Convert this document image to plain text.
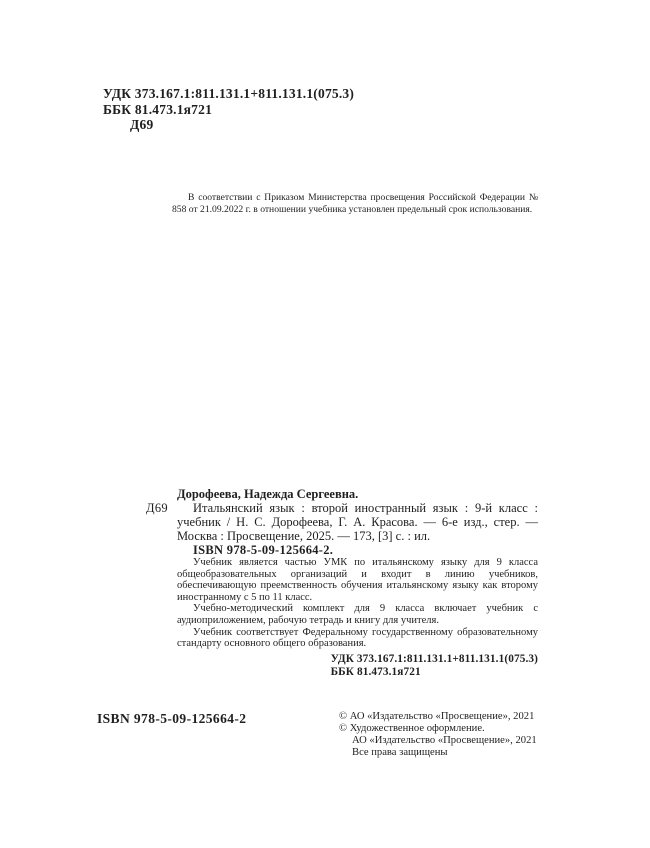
УДК 373.167.1:811.131.1+811.131.1(075.3)
ББК 81.473.1я721
Д69

В соответствии с Приказом Министерства просвещения Российской Федерации № 858 от 21.09.2022 г. в отношении учебника установлен предельный срок использования.

Д69
Дорофеева, Надежда Сергеевна.

Итальянский язык : второй иностранный язык : 9-й класс : учебник / Н. С. Дорофеева, Г. А. Красова. — 6-е изд., стер. — Москва : Просвещение, 2025. — 173, [3] с. : ил.

ISBN 978-5-09-125664-2.

Учебник является частью УМК по итальянскому языку для 9 класса общеобразовательных организаций и входит в линию учебников, обеспечивающую преемственность обучения итальянскому языку как второму иностранному с 5 по 11 класс.

Учебно-методический комплект для 9 класса включает учебник с аудиоприложением, рабочую тетрадь и книгу для учителя.

Учебник соответствует Федеральному государственному образовательному стандарту основного общего образования.

УДК 373.167.1:811.131.1+811.131.1(075.3)
ББК 81.473.1я721
ISBN 978-5-09-125664-2	© АО «Издательство «Просвещение», 2021
© Художественное оформление.
АО «Издательство «Просвещение», 2021
Все права защищены
